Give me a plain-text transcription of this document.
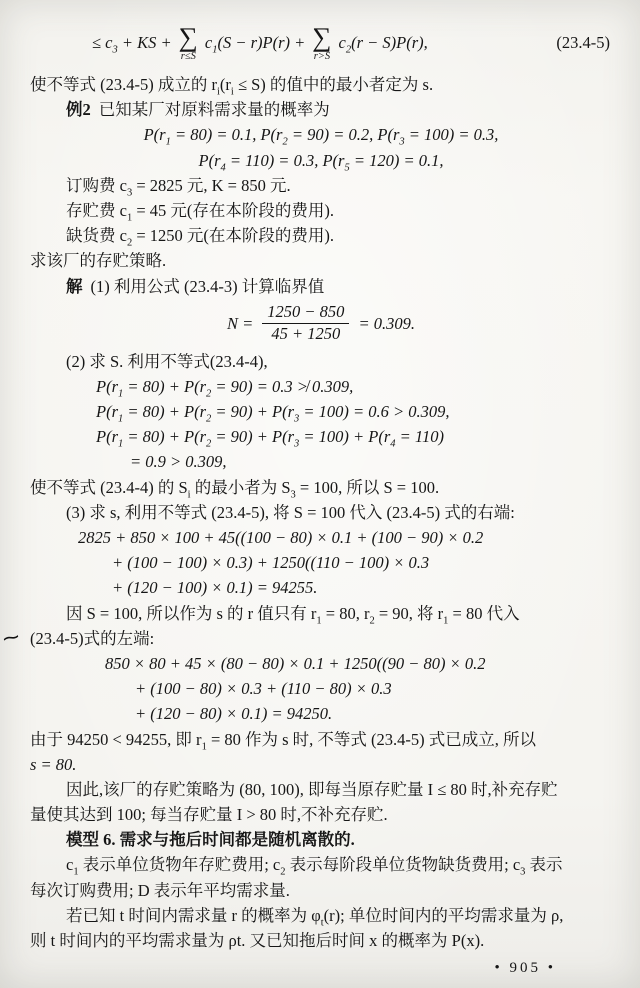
≤ $c_3$ + KS + ∑
r≤S
$c_1(S - r)P(r)$ + ∑
r>S
$c_2(r - S)P(r)$,	(23.4-5)
使不等式 (23.4-5) 成立的 $r_i(r_i \le S)$ 的值中的最小者定为 s.
例2 已知某厂对原料需求量的概率为
$P(r_1 = 80) = 0.1$, $P(r_2 = 90) = 0.2$, $P(r_3 = 100) = 0.3$,
$P(r_4 = 110) = 0.3$, $P(r_5 = 120) = 0.1$,
订购费 $c_3 = 2825$ 元, K = 850 元.
存贮费 $c_1 = 45$ 元(存在本阶段的费用).
缺货费 $c_2 = 1250$ 元(在本阶段的费用).
求该厂的存贮策略.
解 (1) 利用公式 (23.4-3) 计算临界值
$N = \frac{1250 - 850}{45 + 1250} = 0.309$.
(2) 求 S. 利用不等式(23.4-4),
$P(r_1 = 80) + P(r_2 = 90) = 0.3$ ≯ 0.309,
$P(r_1 = 80) + P(r_2 = 90) + P(r_3 = 100) = 0.6 > 0.309$,
$P(r_1 = 80) + P(r_2 = 90) + P(r_3 = 100) + P(r_4 = 110)$
= 0.9 > 0.309,
使不等式 (23.4-4) 的 $S_i$ 的最小者为 $S_3 = 100$, 所以 S = 100.
(3) 求 s, 利用不等式 (23.4-5), 将 S = 100 代入 (23.4-5) 式的右端:
2825 + 850 × 100 + 45((100 − 80) × 0.1 + (100 − 90) × 0.2
+ (100 − 100) × 0.3) + 1250((110 − 100) × 0.3
+ (120 − 100) × 0.1) = 94255.
因 S = 100, 所以作为 s 的 r 值只有 $r_1 = 80$, $r_2 = 90$, 将 $r_1 = 80$ 代入
∼ (23.4-5)式的左端:
850 × 80 + 45 × (80 − 80) × 0.1 + 1250((90 − 80) × 0.2
+ (100 − 80) × 0.3 + (110 − 80) × 0.3
+ (120 − 80) × 0.1) = 94250.
由于 94250 < 94255, 即 $r_1 = 80$ 作为 s 时, 不等式 (23.4-5) 式已成立, 所以
s = 80.
因此,该厂的存贮策略为 (80, 100), 即每当原存贮量 I ≤ 80 时,补充存贮
量使其达到 100; 每当存贮量 I > 80 时,不补充存贮.
模型 6. 需求与拖后时间都是随机离散的.
$c_1$ 表示单位货物年存贮费用; $c_2$ 表示每阶段单位货物缺货费用; $c_3$ 表示
每次订购费用; D 表示年平均需求量.
若已知 t 时间内需求量 r 的概率为 $\varphi_t(r)$; 单位时间内的平均需求量为 ρ,
则 t 时间内的平均需求量为 ρt. 又已知拖后时间 x 的概率为 P(x).
• 905 •
